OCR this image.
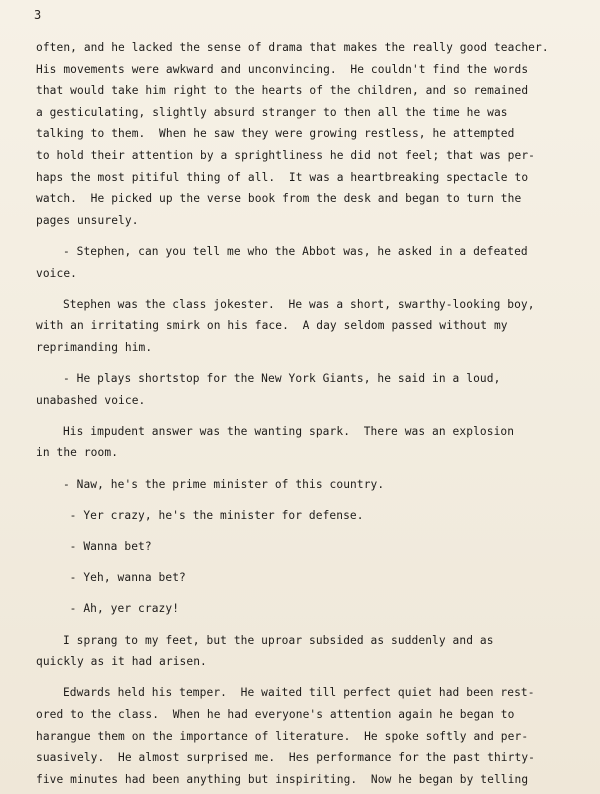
3
often, and he lacked the sense of drama that makes the really good teacher.
His movements were awkward and unconvincing.  He couldn't find the words
that would take him right to the hearts of the children, and so remained
a gesticulating, slightly absurd stranger to then all the time he was
talking to them.  When he saw they were growing restless, he attempted
to hold their attention by a sprightliness he did not feel; that was per-
haps the most pitiful thing of all.  It was a heartbreaking spectacle to
watch.  He picked up the verse book from the desk and began to turn the
pages unsurely.
- Stephen, can you tell me who the Abbot was, he asked in a defeated
voice.
Stephen was the class jokester.  He was a short, swarthy-looking boy,
with an irritating smirk on his face.  A day seldom passed without my
reprimanding him.
- He plays shortstop for the New York Giants, he said in a loud,
unabashed voice.
His impudent answer was the wanting spark.  There was an explosion
in the room.
- Naw, he's the prime minister of this country.
- Yer crazy, he's the minister for defense.
- Wanna bet?
- Yeh, wanna bet?
- Ah, yer crazy!
I sprang to my feet, but the uproar subsided as suddenly and as
quickly as it had arisen.
Edwards held his temper.  He waited till perfect quiet had been rest-
ored to the class.  When he had everyone's attention again he began to
harangue them on the importance of literature.  He spoke softly and per-
suasively.  He almost surprised me.  Hes performance for the past thirty-
five minutes had been anything but inspiriting.  Now he began by telling
